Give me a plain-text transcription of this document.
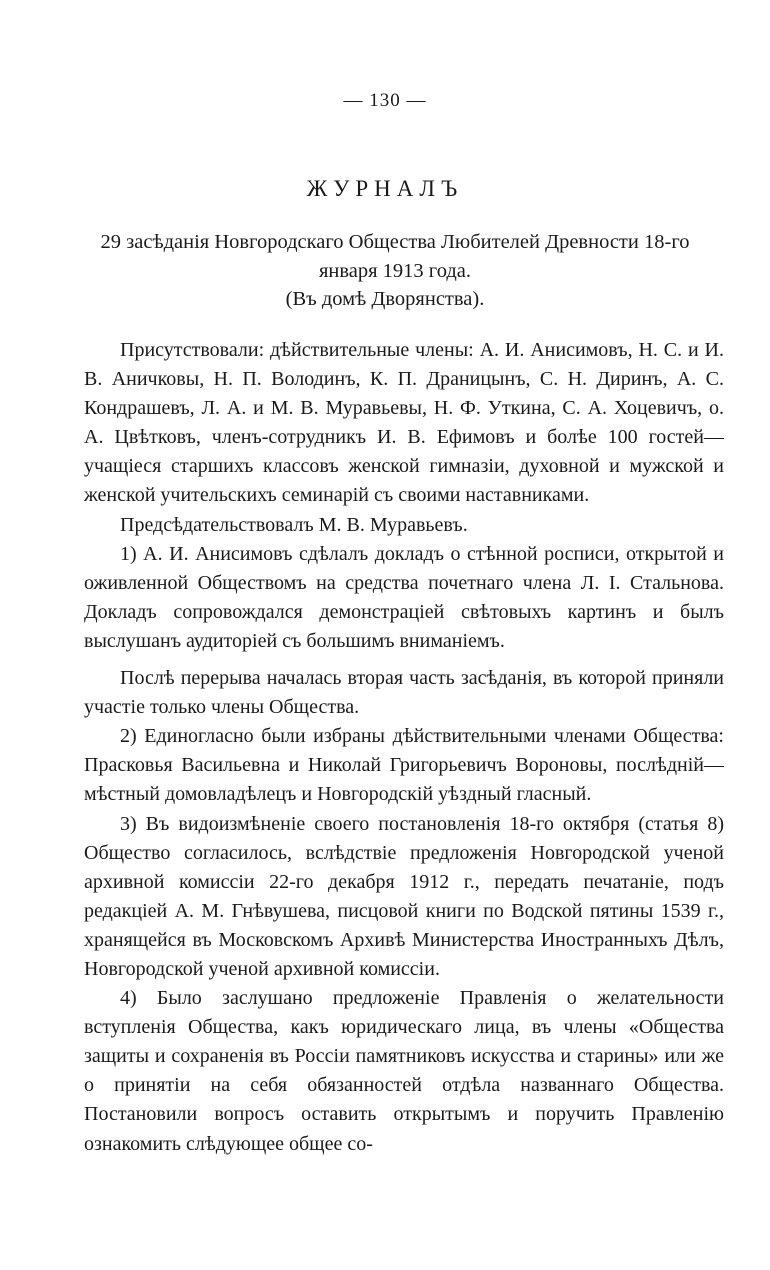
— 130 —
ЖУРНАЛЪ
29 засѣданія Новгородскаго Общества Любителей Древности 18-го января 1913 года.
(Въ домѣ Дворянства).

Присутствовали: дѣйствительные члены: А. И. Анисимовъ, Н. С. и И. В. Аничковы, Н. П. Володинъ, К. П. Драницынъ, С. Н. Диринъ, А. С. Кондрашевъ, Л. А. и М. В. Муравьевы, Н. Ф. Уткина, С. А. Хоцевичъ, о. А. Цвѣтковъ, членъ-сотрудникъ И. В. Ефимовъ и болѣе 100 гостей—учащіеся старшихъ классовъ женской гимназіи, духовной и мужской и женской учительскихъ семинарій съ своими наставниками.

Предсѣдательствовалъ М. В. Муравьевъ.

1) А. И. Анисимовъ сдѣлалъ докладъ о стѣнной росписи, открытой и оживленной Обществомъ на средства почетнаго члена Л. І. Стальнова. Докладъ сопровождался демонстраціей свѣтовыхъ картинъ и былъ выслушанъ аудиторіей съ большимъ вниманіемъ.

Послѣ перерыва началась вторая часть засѣданія, въ которой приняли участіе только члены Общества.

2) Единогласно были избраны дѣйствительными членами Общества: Прасковья Васильевна и Николай Григорьевичъ Вороновы, послѣдній—мѣстный домовладѣлецъ и Новгородскій уѣздный гласный.

3) Въ видоизмѣненіе своего постановленія 18-го октября (статья 8) Общество согласилось, вслѣдствіе предложенія Новгородской ученой архивной комиссіи 22-го декабря 1912 г., передать печатаніе, подъ редакціей А. М. Гнѣвушева, писцовой книги по Водской пятины 1539 г., хранящейся въ Московскомъ Архивѣ Министерства Иностранныхъ Дѣлъ, Новгородской ученой архивной комиссіи.

4) Было заслушано предложеніе Правленія о желательности вступленія Общества, какъ юридическаго лица, въ члены «Общества защиты и сохраненія въ Россіи памятниковъ искусства и старины» или же о принятіи на себя обязанностей отдѣла названнаго Общества. Постановили вопросъ оставить открытымъ и поручить Правленію ознакомить слѣдующее общее со-
